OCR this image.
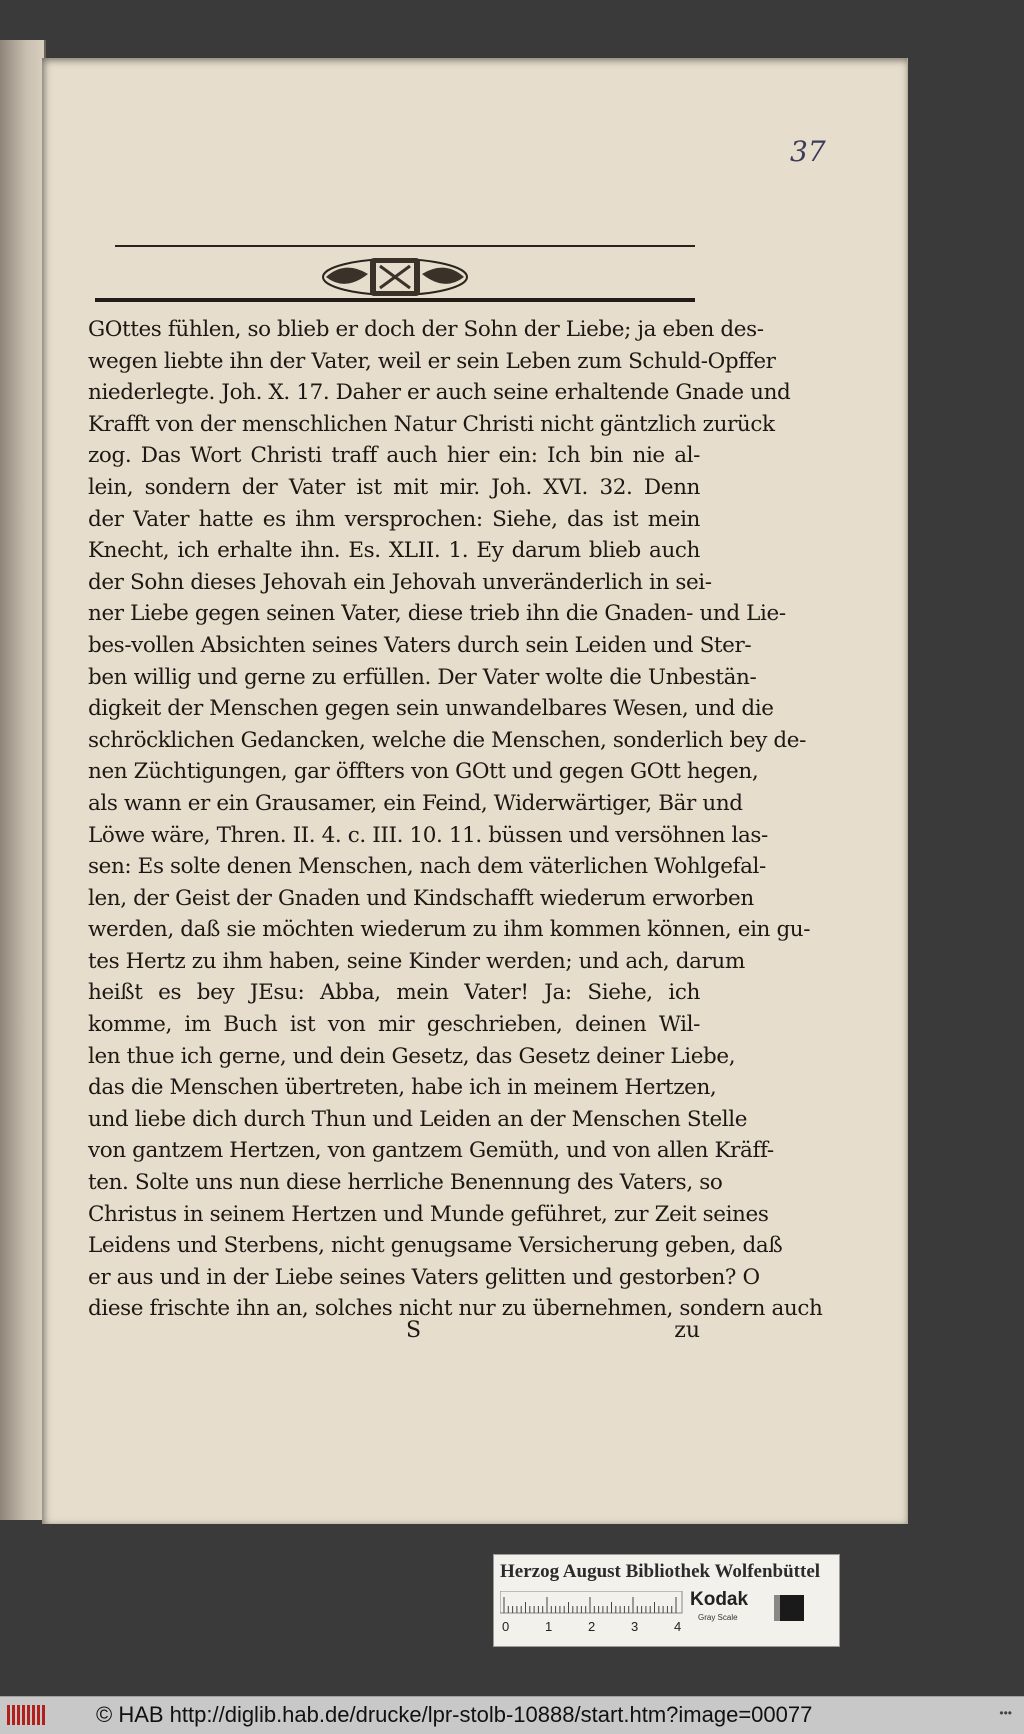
37
GOttes fühlen, so blieb er doch der Sohn der Liebe; ja eben des-
wegen liebte ihn der Vater, weil er sein Leben zum Schuld-Opffer
niederlegte. Joh. X. 17. Daher er auch seine erhaltende Gnade und
Krafft von der menschlichen Natur Christi nicht gäntzlich zurück
zog. Das Wort Christi traff auch hier ein: Ich bin nie al-
lein, sondern der Vater ist mit mir. Joh. XVI. 32. Denn
der Vater hatte es ihm versprochen: Siehe, das ist mein
Knecht, ich erhalte ihn. Es. XLII. 1. Ey darum blieb auch
der Sohn dieses Jehovah ein Jehovah unveränderlich in sei-
ner Liebe gegen seinen Vater, diese trieb ihn die Gnaden- und Lie-
bes-vollen Absichten seines Vaters durch sein Leiden und Ster-
ben willig und gerne zu erfüllen. Der Vater wolte die Unbestän-
digkeit der Menschen gegen sein unwandelbares Wesen, und die
schröcklichen Gedancken, welche die Menschen, sonderlich bey de-
nen Züchtigungen, gar öffters von GOtt und gegen GOtt hegen,
als wann er ein Grausamer, ein Feind, Widerwärtiger, Bär und
Löwe wäre, Thren. II. 4. c. III. 10. 11. büssen und versöhnen las-
sen: Es solte denen Menschen, nach dem väterlichen Wohlgefal-
len, der Geist der Gnaden und Kindschafft wiederum erworben
werden, daß sie möchten wiederum zu ihm kommen können, ein gu-
tes Hertz zu ihm haben, seine Kinder werden; und ach, darum
heißt es bey JEsu: Abba, mein Vater! Ja: Siehe, ich
komme, im Buch ist von mir geschrieben, deinen Wil-
len thue ich gerne, und dein Gesetz, das Gesetz deiner Liebe,
das die Menschen übertreten, habe ich in meinem Hertzen,
und liebe dich durch Thun und Leiden an der Menschen Stelle
von gantzem Hertzen, von gantzem Gemüth, und von allen Kräff-
ten. Solte uns nun diese herrliche Benennung des Vaters, so
Christus in seinem Hertzen und Munde geführet, zur Zeit seines
Leidens und Sterbens, nicht genugsame Versicherung geben, daß
er aus und in der Liebe seines Vaters gelitten und gestorben? O
diese frischte ihn an, solches nicht nur zu übernehmen, sondern auch
S	zu
Herzog August Bibliothek Wolfenbüttel
0	1	2	3	4
Kodak
Gray Scale
© HAB http://diglib.hab.de/drucke/lpr-stolb-10888/start.htm?image=00077	•••
